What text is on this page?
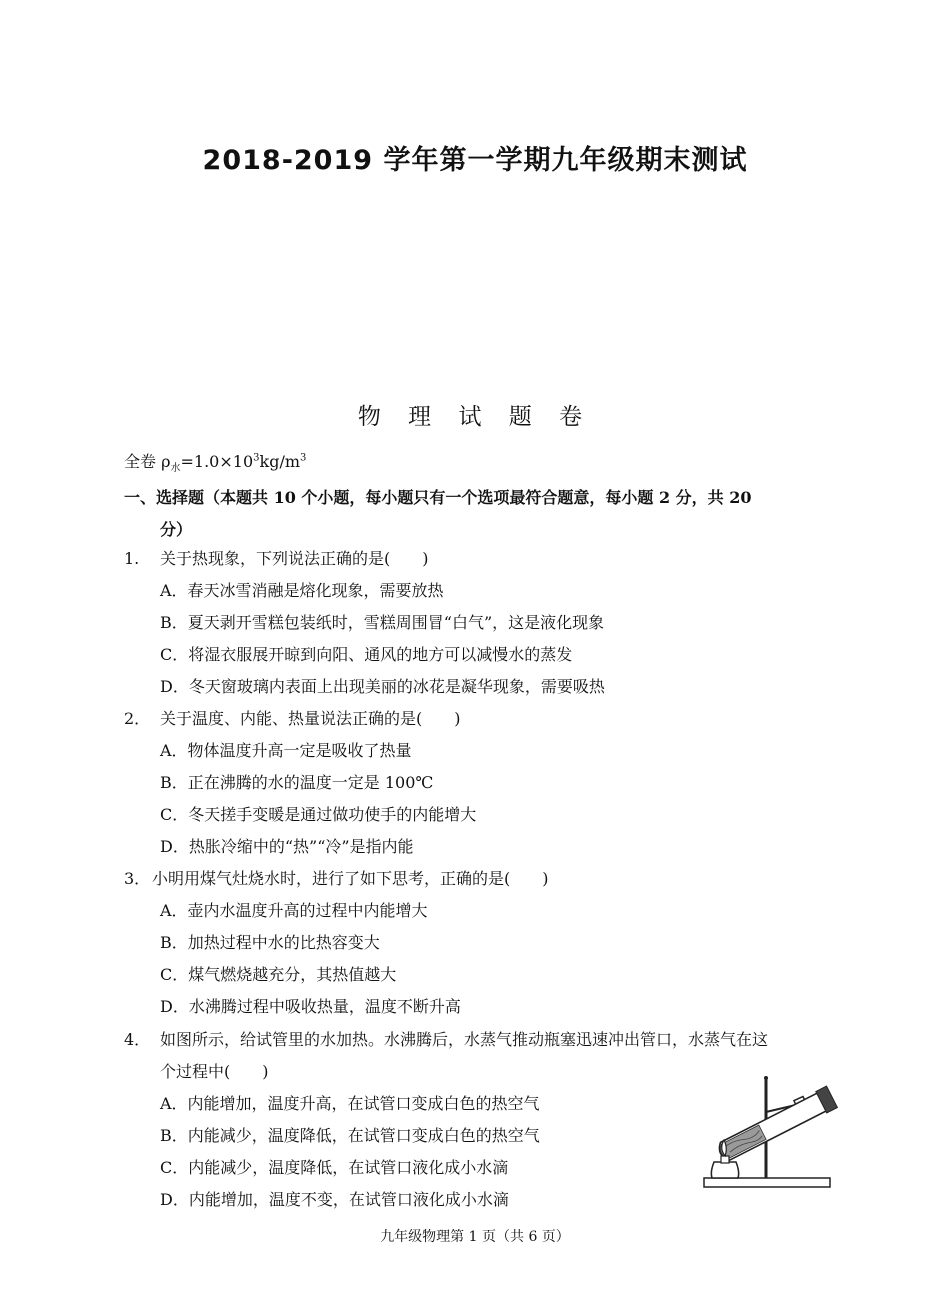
2018-2019 学年第一学期九年级期末测试
物 理 试 题 卷
全卷 $\rho_水=1.0\times 10^3kg/m^3$
一、选择题（本题共 10 个小题，每小题只有一个选项最符合题意，每小题 2 分，共 20
分）
1. 关于热现象，下列说法正确的是(　　)
A．春天冰雪消融是熔化现象，需要放热
B．夏天剥开雪糕包装纸时，雪糕周围冒“白气”，这是液化现象
C．将湿衣服展开晾到向阳、通风的地方可以减慢水的蒸发
D．冬天窗玻璃内表面上出现美丽的冰花是凝华现象，需要吸热
2． 关于温度、内能、热量说法正确的是(　　)
A．物体温度升高一定是吸收了热量
B．正在沸腾的水的温度一定是 100℃
C．冬天搓手变暖是通过做功使手的内能增大
D．热胀冷缩中的“热”“冷”是指内能
3． 小明用煤气灶烧水时，进行了如下思考，正确的是(　　)
A．壶内水温度升高的过程中内能增大
B．加热过程中水的比热容变大
C．煤气燃烧越充分，其热值越大
D．水沸腾过程中吸收热量，温度不断升高
4． 如图所示，给试管里的水加热。水沸腾后，水蒸气推动瓶塞迅速冲出管口，水蒸气在这
个过程中(　　)
A．内能增加，温度升高，在试管口变成白色的热空气
B．内能减少，温度降低，在试管口变成白色的热空气
C．内能减少，温度降低，在试管口液化成小水滴
D．内能增加，温度不变，在试管口液化成小水滴
九年级物理第 1 页（共 6 页）
